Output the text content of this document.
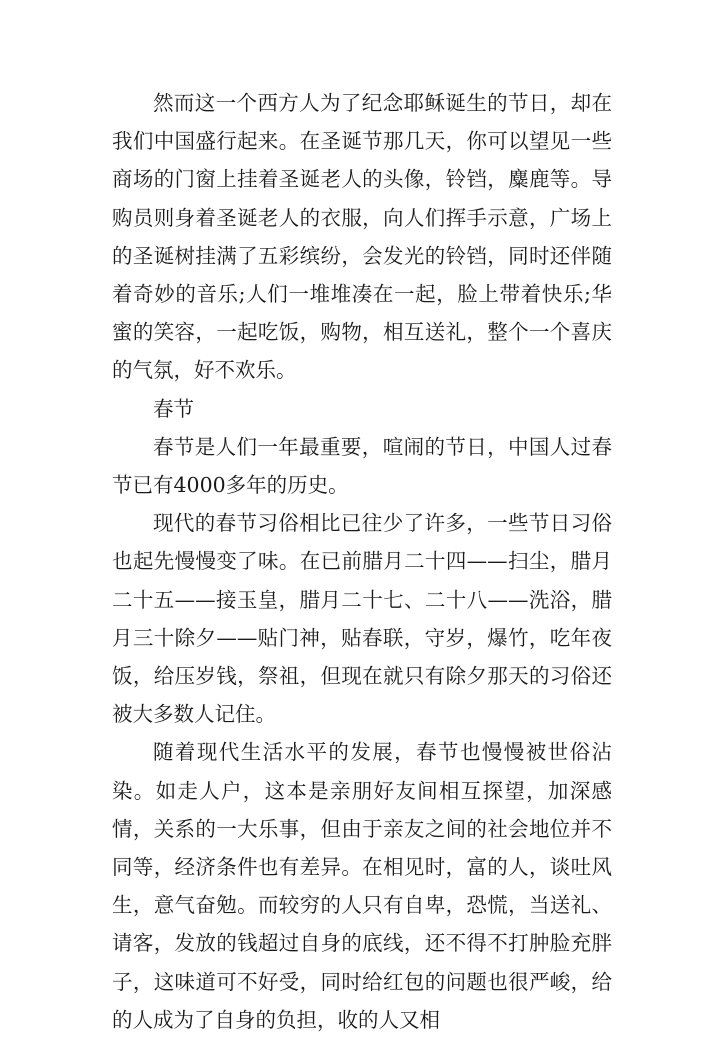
然而这一个西方人为了纪念耶稣诞生的节日，却在我们中国盛行起来。在圣诞节那几天，你可以望见一些商场的门窗上挂着圣诞老人的头像，铃铛，麋鹿等。导购员则身着圣诞老人的衣服，向人们挥手示意，广场上的圣诞树挂满了五彩缤纷，会发光的铃铛，同时还伴随着奇妙的音乐;人们一堆堆凑在一起，脸上带着快乐;华蜜的笑容，一起吃饭，购物，相互送礼，整个一个喜庆的气氛，好不欢乐。

春节

春节是人们一年最重要，喧闹的节日，中国人过春节已有4000多年的历史。

现代的春节习俗相比已往少了许多，一些节日习俗也起先慢慢变了味。在已前腊月二十四——扫尘，腊月二十五——接玉皇，腊月二十七、二十八——洗浴，腊月三十除夕——贴门神，贴春联，守岁，爆竹，吃年夜饭，给压岁钱，祭祖，但现在就只有除夕那天的习俗还被大多数人记住。

随着现代生活水平的发展，春节也慢慢被世俗沾染。如走人户，这本是亲朋好友间相互探望，加深感情，关系的一大乐事，但由于亲友之间的社会地位并不同等，经济条件也有差异。在相见时，富的人，谈吐风生，意气奋勉。而较穷的人只有自卑，恐慌，当送礼、请客，发放的钱超过自身的底线，还不得不打肿脸充胖子，这味道可不好受，同时给红包的问题也很严峻，给的人成为了自身的负担，收的人又相
